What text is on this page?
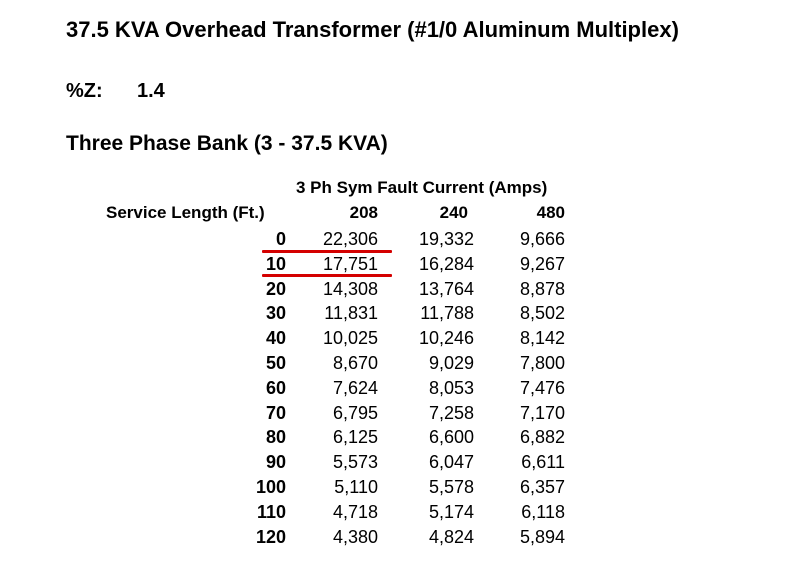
37.5 KVA Overhead Transformer (#1/0 Aluminum Multiplex)
%Z: 1.4
Three Phase Bank (3 - 37.5 KVA)
3 Ph Sym Fault Current (Amps)
Service Length (Ft.)	208	240	480
0	22,306	19,332	9,666
10	17,751	16,284	9,267
20	14,308	13,764	8,878
30	11,831	11,788	8,502
40	10,025	10,246	8,142
50	8,670	9,029	7,800
60	7,624	8,053	7,476
70	6,795	7,258	7,170
80	6,125	6,600	6,882
90	5,573	6,047	6,611
100	5,110	5,578	6,357
110	4,718	5,174	6,118
120	4,380	4,824	5,894
